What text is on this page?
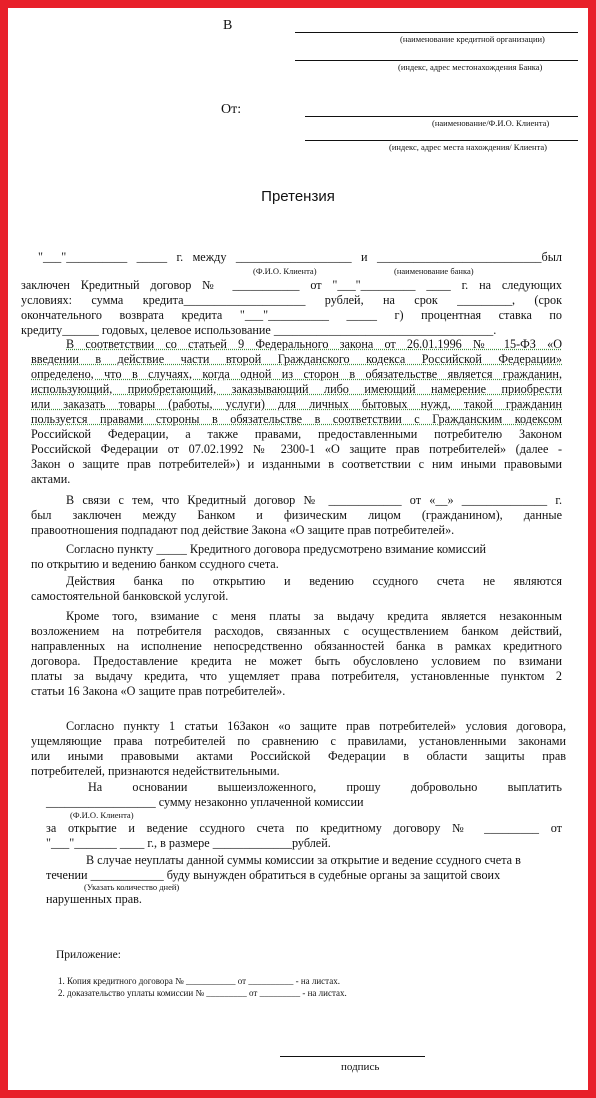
В
(наименование кредитной организации)
(индекс, адрес местонахождения Банка)
От:
(наименование/Ф.И.О. Клиента)
(индекс, адрес места нахождения/ Клиента)
Претензия
"___"__________ _____ г. между ___________________ и ___________________________был
(Ф.И.О. Клиента)	(наименование банка)
заключен Кредитный договор № ___________ от "___"_________ ____ г. на следующих
условиях: сумма кредита____________________ рублей, на срок _________, (срок
окончательного возврата кредита "___"__________ _____ г) процентная ставка по
кредиту______ годовых, целевое использование ____________________________________.
В соответствии со статьей 9 Федерального закона от 26.01.1996 № 15-ФЗ «О
введении в действие части второй Гражданского кодекса Российской Федерации»
определено, что в случаях, когда одной из сторон в обязательстве является гражданин,
использующий, приобретающий, заказывающий либо имеющий намерение приобрести
или заказать товары (работы, услуги) для личных бытовых нужд, такой гражданин
пользуется правами стороны в обязательстве в соответствии с Гражданским кодексом
Российской Федерации, а также правами, предоставленными потребителю Законом
Российской Федерации от 07.02.1992 № 2300-1 «О защите прав потребителей» (далее -
Закон о защите прав потребителей») и изданными в соответствии с ним иными правовыми
актами.
В связи с тем, что Кредитный договор № ____________ от «__» ______________ г.
был заключен между Банком и физическим лицом (гражданином), данные
правоотношения подпадают под действие Закона «О защите прав потребителей».
Согласно пункту _____ Кредитного договора предусмотрено взимание комиссий
по открытию и ведению банком ссудного счета.
Действия банка по открытию и ведению ссудного счета не являются
самостоятельной банковской услугой.
Кроме того, взимание с меня платы за выдачу кредита является незаконным
возложением на потребителя расходов, связанных с осуществлением банком действий,
направленных на исполнение непосредственно обязанностей банка в рамках кредитного
договора. Предоставление кредита не может быть обусловлено условием по взимани
платы за выдачу кредита, что ущемляет права потребителя, установленные пунктом 2
статьи 16 Закона «О защите прав потребителей».
Согласно пункту 1 статьи 16Закон «о защите прав потребителей» условия договора,
ущемляющие права потребителей по сравнению с правилами, установленными законами
или иными правовыми актами Российской Федерации в области защиты прав
потребителей, признаются недействительными.
На основании вышеизложенного, прошу добровольно выплатить
__________________ сумму незаконно уплаченной комиссии
(Ф.И.О. Клиента)
за открытие и ведение ссудного счета по кредитному договору № _________ от
"___"_______ ____ г., в размере _____________рублей.
В случае неуплаты данной суммы комиссии за открытие и ведение ссудного счета в
течении ____________ буду вынужден обратиться в судебные органы за защитой своих
(Указать количество дней)
нарушенных прав.
Приложение:
1. Копия кредитного договора № ___________ от __________ - на листах.
2. доказательство уплаты комиссии № _________ от _________ - на листах.
подпись
